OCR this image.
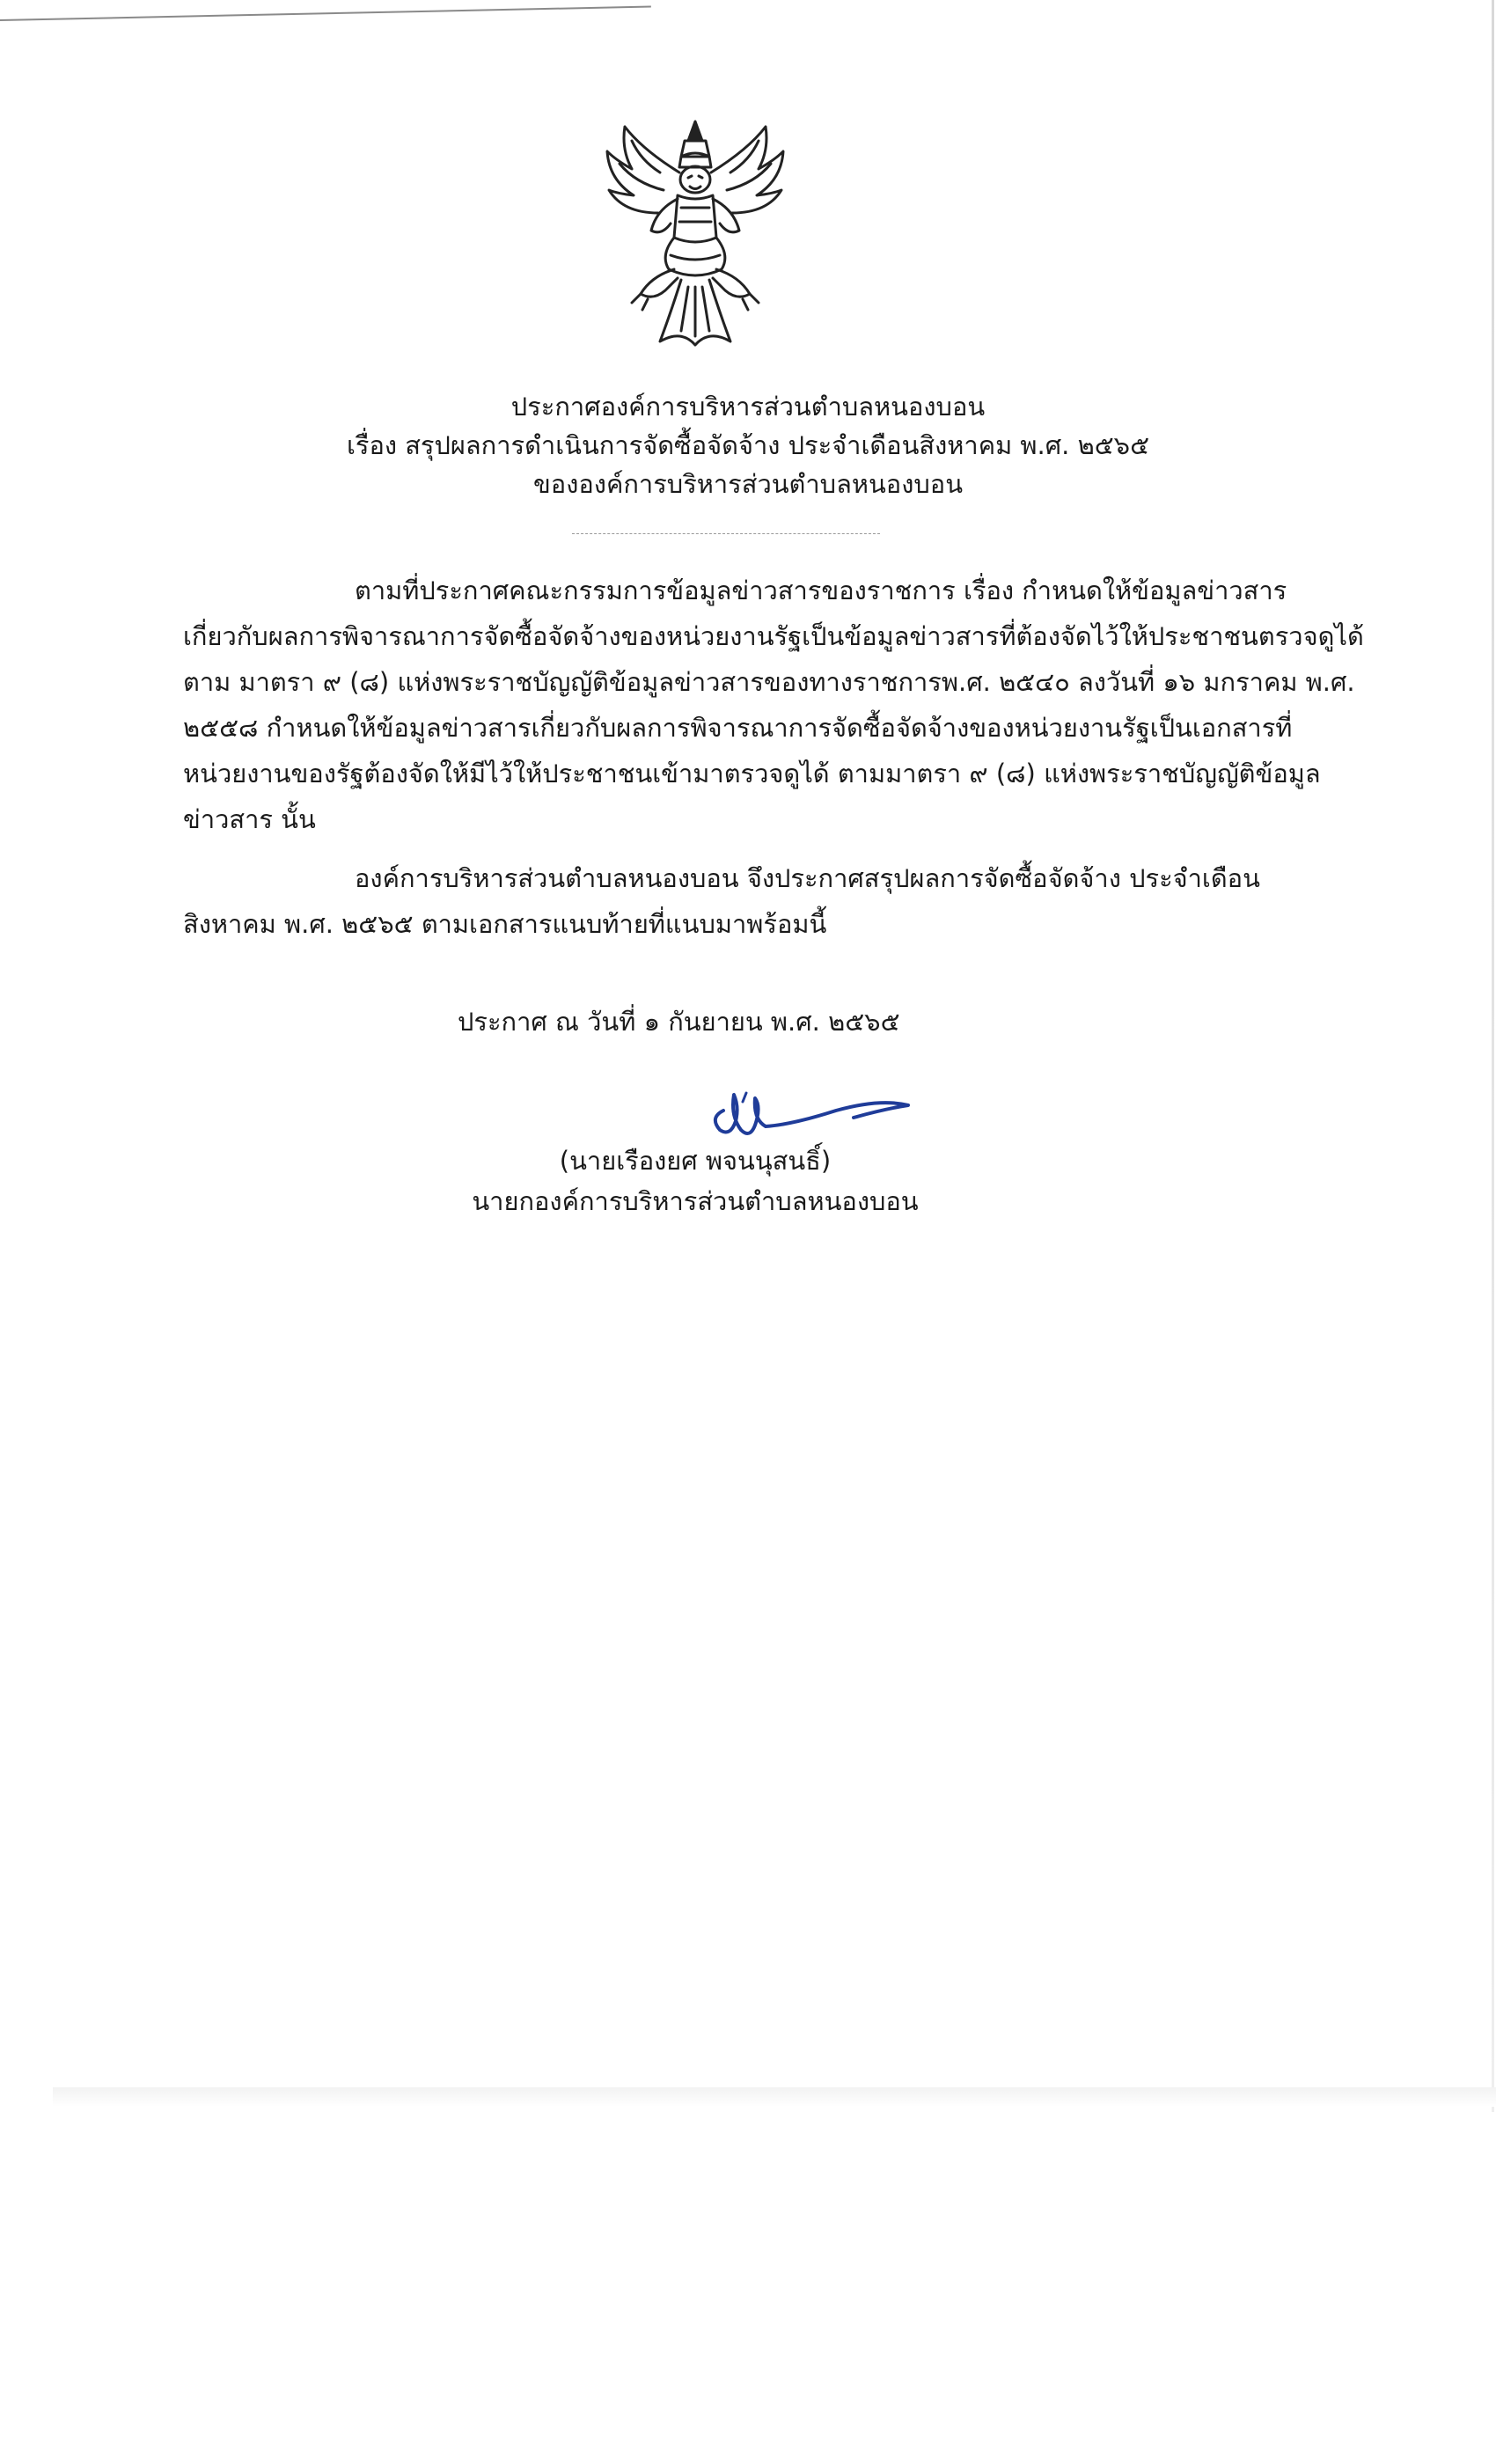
ประกาศองค์การบริหารส่วนตำบลหนองบอน
เรื่อง สรุปผลการดำเนินการจัดซื้อจัดจ้าง ประจำเดือนสิงหาคม พ.ศ. ๒๕๖๕
ขององค์การบริหารส่วนตำบลหนองบอน
ตามที่ประกาศคณะกรรมการข้อมูลข่าวสารของราชการ เรื่อง กำหนดให้ข้อมูลข่าวสาร
เกี่ยวกับผลการพิจารณาการจัดซื้อจัดจ้างของหน่วยงานรัฐเป็นข้อมูลข่าวสารที่ต้องจัดไว้ให้ประชาชนตรวจดูได้
ตาม มาตรา ๙ (๘) แห่งพระราชบัญญัติข้อมูลข่าวสารของทางราชการพ.ศ. ๒๕๔๐ ลงวันที่ ๑๖ มกราคม พ.ศ.
๒๕๕๘ กำหนดให้ข้อมูลข่าวสารเกี่ยวกับผลการพิจารณาการจัดซื้อจัดจ้างของหน่วยงานรัฐเป็นเอกสารที่
หน่วยงานของรัฐต้องจัดให้มีไว้ให้ประชาชนเข้ามาตรวจดูได้ ตามมาตรา ๙ (๘) แห่งพระราชบัญญัติข้อมูล
ข่าวสาร นั้น
องค์การบริหารส่วนตำบลหนองบอน จึงประกาศสรุปผลการจัดซื้อจัดจ้าง ประจำเดือน
สิงหาคม พ.ศ. ๒๕๖๕ ตามเอกสารแนบท้ายที่แนบมาพร้อมนี้
ประกาศ ณ วันที่ ๑ กันยายน พ.ศ. ๒๕๖๕
(นายเรืองยศ พจนนุสนธิ์)
นายกองค์การบริหารส่วนตำบลหนองบอน
